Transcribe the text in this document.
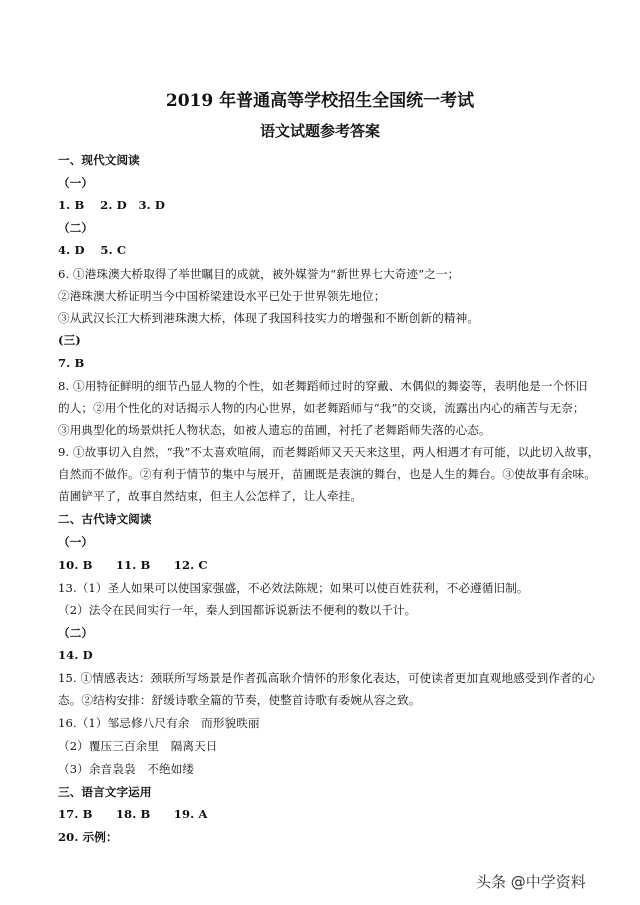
2019 年普通高等学校招生全国统一考试
语文试题参考答案
一、现代文阅读
（一）
1. B　 2. D　3. D
（二）
4. D　 5. C
6. ①港珠澳大桥取得了举世瞩目的成就，被外媒誉为“新世界七大奇迹”之一；
②港珠澳大桥证明当今中国桥梁建设水平已处于世界领先地位；
③从武汉长江大桥到港珠澳大桥，体现了我国科技实力的增强和不断创新的精神。
(三)
7. B
8. ①用特征鲜明的细节凸显人物的个性，如老舞蹈师过时的穿戴、木偶似的舞姿等，表明他是一个怀旧
的人；②用个性化的对话揭示人物的内心世界，如老舞蹈师与“我”的交谈，流露出内心的痛苦与无奈；
③用典型化的场景烘托人物状态，如被人遗忘的苗圃，衬托了老舞蹈师失落的心态。
9. ①故事切入自然，“我”不太喜欢喧闹，而老舞蹈师又天天来这里，两人相遇才有可能，以此切入故事，
自然而不做作。②有利于情节的集中与展开，苗圃既是表演的舞台，也是人生的舞台。③使故事有余味。
苗圃铲平了，故事自然结束，但主人公怎样了，让人牵挂。
二、古代诗文阅读
（一）
10. B　　11. B　　12. C
13.（1）圣人如果可以使国家强盛，不必效法陈规；如果可以使百姓获利，不必遵循旧制。
（2）法令在民间实行一年，秦人到国都诉说新法不便利的数以千计。
（二）
14. D
15. ①情感表达：颈联所写场景是作者孤高耿介情怀的形象化表达，可使读者更加直观地感受到作者的心
态。②结构安排：舒缓诗歌全篇的节奏，使整首诗歌有委婉从容之致。
16.（1）邹忌修八尺有余　而形貌昳丽
（2）覆压三百余里　隔离天日
（3）余音袅袅　不绝如缕
三、语言文字运用
17. B　　18. B　　19. A
20. 示例：
头条 @中学资料
